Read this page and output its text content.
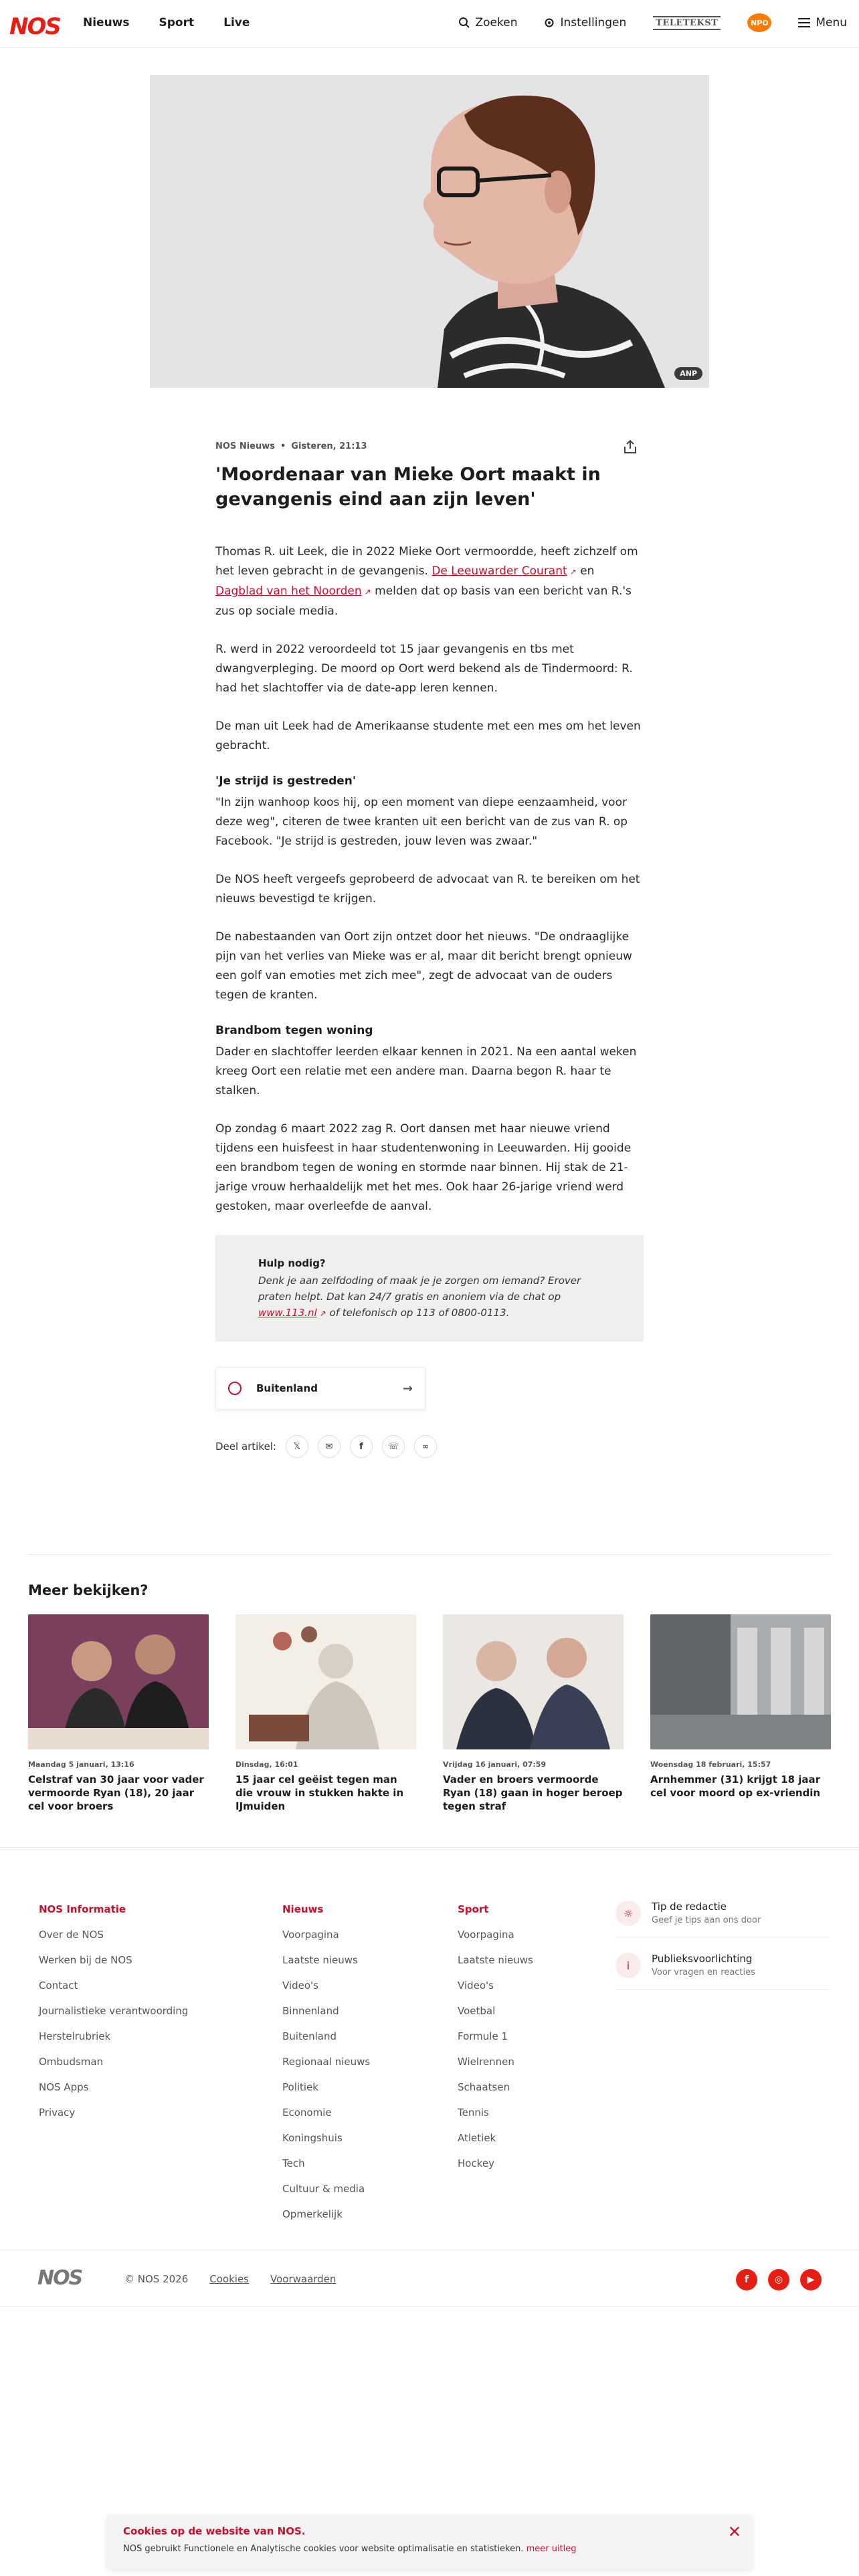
NOS Nieuws	Sport	Live	Zoeken	Instellingen	TELETEKST	NPO	Menu
ANP
NOS Nieuws • Gisteren, 21:13
'Moordenaar van Mieke Oort maakt in gevangenis eind aan zijn leven'

Thomas R. uit Leek, die in 2022 Mieke Oort vermoordde, heeft zichzelf om het leven gebracht in de gevangenis. De Leeuwarder Courant ↗ en Dagblad van het Noorden ↗ melden dat op basis van een bericht van R.'s zus op sociale media.

R. werd in 2022 veroordeeld tot 15 jaar gevangenis en tbs met dwangverpleging. De moord op Oort werd bekend als de Tindermoord: R. had het slachtoffer via de date-app leren kennen.

De man uit Leek had de Amerikaanse studente met een mes om het leven gebracht.

'Je strijd is gestreden'

"In zijn wanhoop koos hij, op een moment van diepe eenzaamheid, voor deze weg", citeren de twee kranten uit een bericht van de zus van R. op Facebook. "Je strijd is gestreden, jouw leven was zwaar."

De NOS heeft vergeefs geprobeerd de advocaat van R. te bereiken om het nieuws bevestigd te krijgen.

De nabestaanden van Oort zijn ontzet door het nieuws. "De ondraaglijke pijn van het verlies van Mieke was er al, maar dit bericht brengt opnieuw een golf van emoties met zich mee", zegt de advocaat van de ouders tegen de kranten.

Brandbom tegen woning

Dader en slachtoffer leerden elkaar kennen in 2021. Na een aantal weken kreeg Oort een relatie met een andere man. Daarna begon R. haar te stalken.

Op zondag 6 maart 2022 zag R. Oort dansen met haar nieuwe vriend tijdens een huisfeest in haar studentenwoning in Leeuwarden. Hij gooide een brandbom tegen de woning en stormde naar binnen. Hij stak de 21-jarige vrouw herhaaldelijk met het mes. Ook haar 26-jarige vriend werd gestoken, maar overleefde de aanval.

Hulp nodig?
Denk je aan zelfdoding of maak je je zorgen om iemand? Erover praten helpt. Dat kan 24/7 gratis en anoniem via de chat op www.113.nl ↗ of telefonisch op 113 of 0800-0113.
Buitenland	→
Deel artikel: 𝕏	✉	f	☏	∞
Meer bekijken?
Maandag 5 januari, 13:16
Celstraf van 30 jaar voor vader vermoorde Ryan (18), 20 jaar cel voor broers
Dinsdag, 16:01
15 jaar cel geëist tegen man die vrouw in stukken hakte in IJmuiden
Vrijdag 16 januari, 07:59
Vader en broers vermoorde Ryan (18) gaan in hoger beroep tegen straf
Woensdag 18 februari, 15:57
Arnhemmer (31) krijgt 18 jaar cel voor moord op ex-vriendin
NOS Informatie
Over de NOS
Werken bij de NOS
Contact
Journalistieke verantwoording
Herstelrubriek
Ombudsman
NOS Apps
Privacy
Nieuws
Voorpagina
Laatste nieuws
Video's
Binnenland
Buitenland
Regionaal nieuws
Politiek
Economie
Koningshuis
Tech
Cultuur & media
Opmerkelijk
Sport
Voorpagina
Laatste nieuws
Video's
Voetbal
Formule 1
Wielrennen
Schaatsen
Tennis
Atletiek
Hockey
☼
Tip de redactie
Geef je tips aan ons door
i
Publieksvoorlichting
Voor vragen en reacties
NOS	© NOS 2026 Cookies Voorwaarden	f	◎	▶
Cookies op de website van NOS.
NOS gebruikt Functionele en Analytische cookies voor website optimalisatie en statistieken. meer uitleg
✕
